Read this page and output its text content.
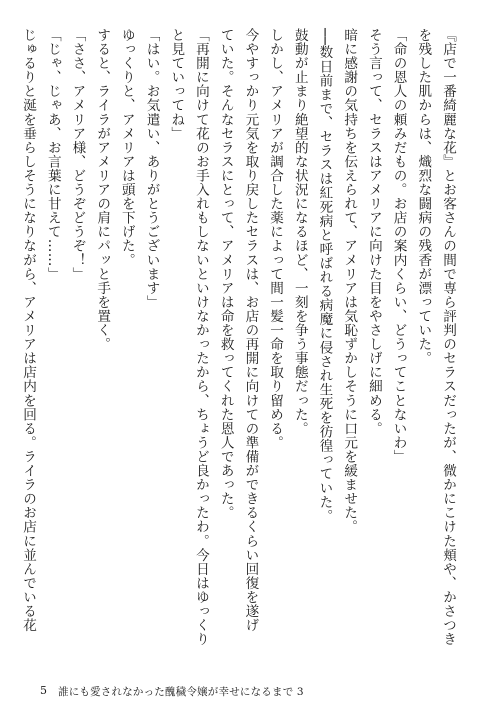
『店で一番綺麗な花』とお客さんの間で専ら評判のセラスだったが、微かにこけた頬や、かさつき
を残した肌からは、熾烈な闘病の残香が漂っていた。
「命の恩人の頼みだもの。お店の案内くらい、どうってことないわ」
そう言って、セラスはアメリアに向けた目をやさしげに細める。
暗に感謝の気持ちを伝えられて、アメリアは気恥ずかしそうに口元を緩ませた。
──数日前まで、セラスは紅死病と呼ばれる病魔に侵され生死を彷徨っていた。
鼓動が止まり絶望的な状況になるほど、一刻を争う事態だった。
しかし、アメリアが調合した薬によって間一髪一命を取り留める。
今やすっかり元気を取り戻したセラスは、お店の再開に向けての準備ができるくらい回復を遂げ
ていた。そんなセラスにとって、アメリアは命を救ってくれた恩人であった。
「再開に向けて花のお手入れもしないといけなかったから、ちょうど良かったわ。今日はゆっくり
と見ていってね」
「はい。お気遣い、ありがとうございます」
ゆっくりと、アメリアは頭を下げた。
すると、ライラがアメリアの肩にパッと手を置く。
「ささ、アメリア様、どうぞどうぞ！」
「じゃ、じゃあ、お言葉に甘えて……」
じゅるりと涎を垂らしそうになりながら、アメリアは店内を回る。ライラのお店に並んでいる花
5 誰にも愛されなかった醜穢令嬢が幸せになるまで 3
